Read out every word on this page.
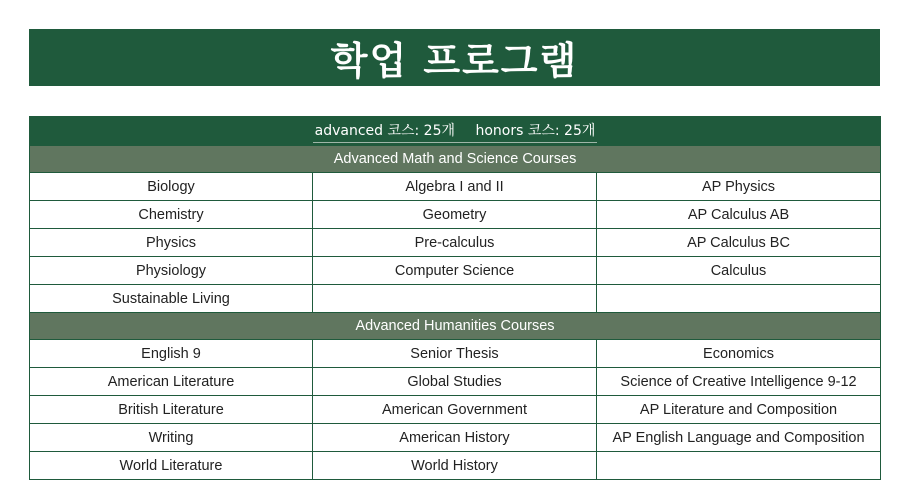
학업 프로그램
advanced 코스: 25개 honors 코스: 25개		
Advanced Math and Science Courses		
Biology	Algebra I and II	AP Physics
Chemistry	Geometry	AP Calculus AB
Physics	Pre-calculus	AP Calculus BC
Physiology	Computer Science	Calculus
Sustainable Living		
Advanced Humanities Courses		
English 9	Senior Thesis	Economics
American Literature	Global Studies	Science of Creative Intelligence 9-12
British Literature	American Government	AP Literature and Composition
Writing	American History	AP English Language and Composition
World Literature	World History	
